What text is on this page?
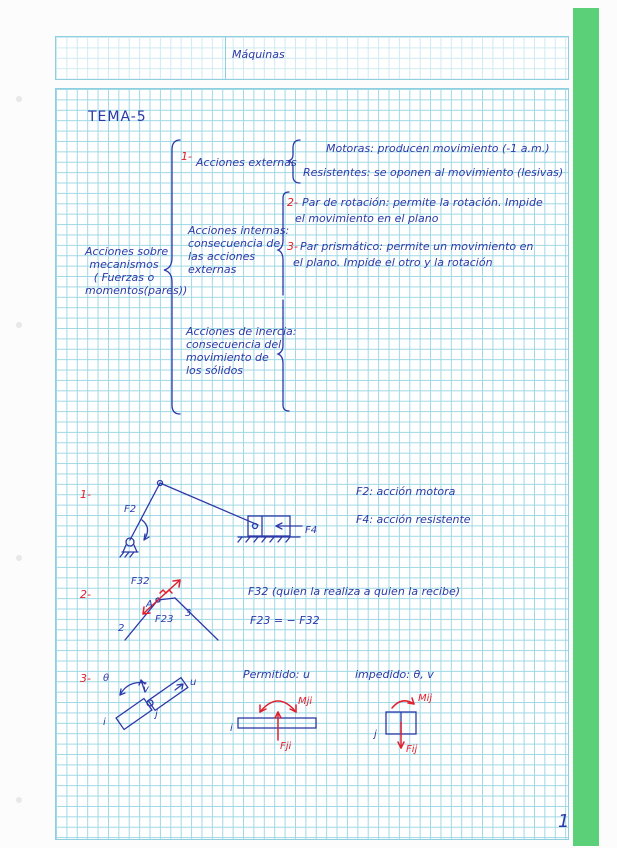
Máquinas
TEMA-5
Acciones sobre
mecanismos
( Fuerzas o
momentos(pares))
1- Acciones externas
Motoras: producen movimiento (-1 a.m.)
Resistentes: se oponen al movimiento (lesivas)
Acciones internas:
consecuencia de
las acciones
externas
2- Par de rotación: permite la rotación. Impide
el movimiento en el plano
3- Par prismático: permite un movimiento en
el plano. Impide el otro y la rotación
Acciones de inercia:
consecuencia del
movimiento de
los sólidos
1-
F2
F4
F2: acción motora
F4: acción resistente
2-
F32
F23
A
2
3
F32 (quien la realiza a quien la recibe)
F23 = − F32
3- θ
v
u
i
j
Permitido: u	impedido: θ, v
Mji
Fji
Mij
Fij
i
j
1
